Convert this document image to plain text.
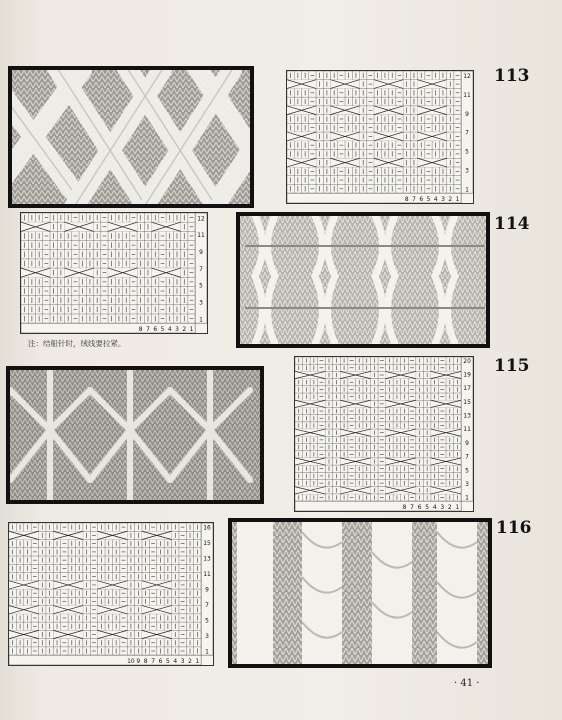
12
11
9
7
5
3
1
8 7 6 5 4 3 2 1
113
12
11
9
7
5
3
1
8 7 6 5 4 3 2 1
注：结船针时，绒线要拉紧。
114
20
19
17
15
13
11
9
7
5
3
1
8 7 6 5 4 3 2 1
115
16
15
13
11
9
7
5
3
1
10 9 8 7 6 5 4 3 2 1
116
· 41 ·
